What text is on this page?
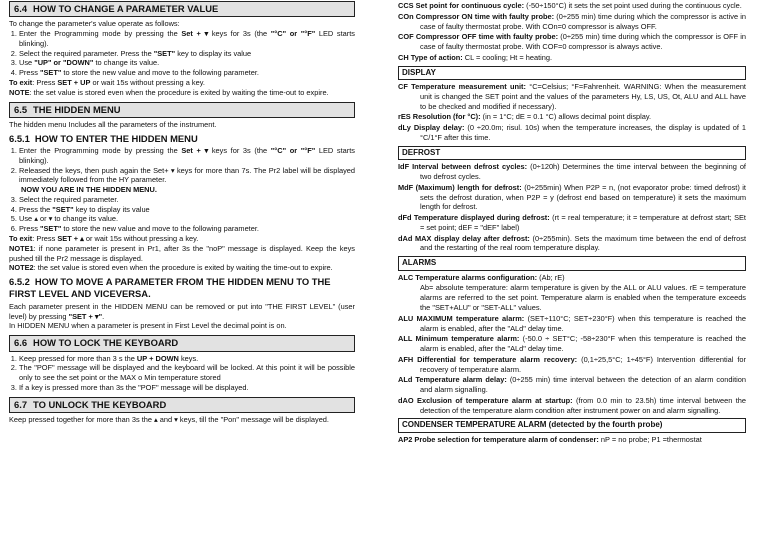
6.4 HOW TO CHANGE A PARAMETER VALUE

To change the parameter's value operate as follows:

1. Enter the Programming mode by pressing the Set + ▾ keys for 3s (the "°C" or "°F" LED starts blinking).
2. Select the required parameter. Press the "SET" key to display its value
3. Use "UP" or "DOWN" to change its value.
4. Press "SET" to store the new value and move to the following parameter.

To exit: Press SET + UP or wait 15s without pressing a key.

NOTE: the set value is stored even when the procedure is exited by waiting the time-out to expire.

6.5 THE HIDDEN MENU

The hidden menu Includes all the parameters of the instrument.

6.5.1 HOW TO ENTER THE HIDDEN MENU
1. Enter the Programming mode by pressing the Set + ▾ keys for 3s (the "°C" or "°F" LED starts blinking).
2. Released the keys, then push again the Set+ ▾ keys for more than 7s. The Pr2 label will be displayed immediately followed from the HY parameter.

NOW YOU ARE IN THE HIDDEN MENU.

3. Select the required parameter.
4. Press the "SET" key to display its value
5. Use ▴ or ▾ to change its value.
6. Press "SET" to store the new value and move to the following parameter.

To exit: Press SET + ▴ or wait 15s without pressing a key.

NOTE1: if none parameter is present in Pr1, after 3s the "noP" message is displayed. Keep the keys pushed till the Pr2 message is displayed.

NOTE2: the set value is stored even when the procedure is exited by waiting the time-out to expire.

6.5.2 HOW TO MOVE A PARAMETER FROM THE HIDDEN MENU TO THE FIRST LEVEL AND VICEVERSA.

Each parameter present in the HIDDEN MENU can be removed or put into "THE FIRST LEVEL" (user level) by pressing "SET + ▾".

In HIDDEN MENU when a parameter is present in First Level the decimal point is on.

6.6 HOW TO LOCK THE KEYBOARD
1. Keep pressed for more than 3 s the UP + DOWN keys.
2. The "POF" message will be displayed and the keyboard will be locked. At this point it will be possible only to see the set point or the MAX o Min temperature stored
3. If a key is pressed more than 3s the "POF" message will be displayed.
6.7 TO UNLOCK THE KEYBOARD

Keep pressed together for more than 3s the ▴ and ▾ keys, till the "Pon" message will be displayed.

CCS Set point for continuous cycle: (-50÷150°C) it sets the set point used during the continuous cycle.

COn Compressor ON time with faulty probe: (0÷255 min) time during which the compressor is active in case of faulty thermostat probe. With COn=0 compressor is always OFF.

COF Compressor OFF time with faulty probe: (0÷255 min) time during which the compressor is OFF in case of faulty thermostat probe. With COF=0 compressor is always active.

CH Type of action: CL = cooling; Ht = heating.

DISPLAY

CF Temperature measurement unit: °C=Celsius; °F=Fahrenheit. WARNING: When the measurement unit is changed the SET point and the values of the parameters Hy, LS, US, Ot, ALU and ALL have to be checked and modified if necessary).

rES Resolution (for °C): (in = 1°C; dE = 0.1 °C) allows decimal point display.

dLy Display delay: (0 ÷20.0m; risul. 10s) when the temperature increases, the display is updated of 1 °C/1°F after this time.

DEFROST

IdF Interval between defrost cycles: (0÷120h) Determines the time interval between the beginning of two defrost cycles.

MdF (Maximum) length for defrost: (0÷255min) When P2P = n, (not evaporator probe: timed defrost) it sets the defrost duration, when P2P = y (defrost end based on temperature) it sets the maximum length for defrost.

dFd Temperature displayed during defrost: (rt = real temperature; it = temperature at defrost start; SEt = set point; dEF = "dEF" label)

dAd MAX display delay after defrost: (0÷255min). Sets the maximum time between the end of defrost and the restarting of the real room temperature display.

ALARMS

ALC Temperature alarms configuration: (Ab; rE)

Ab= absolute temperature: alarm temperature is given by the ALL or ALU values. rE = temperature alarms are referred to the set point. Temperature alarm is enabled when the temperature exceeds the "SET+ALU" or "SET-ALL" values.

ALU MAXIMUM temperature alarm: (SET÷110°C; SET÷230°F) when this temperature is reached the alarm is enabled, after the "ALd" delay time.

ALL Minimum temperature alarm: (-50.0 ÷ SET°C; -58÷230°F when this temperature is reached the alarm is enabled, after the "ALd" delay time.

AFH Differential for temperature alarm recovery: (0,1÷25,5°C; 1÷45°F) Intervention differential for recovery of temperature alarm.

ALd Temperature alarm delay: (0÷255 min) time interval between the detection of an alarm condition and alarm signalling.

dAO Exclusion of temperature alarm at startup: (from 0.0 min to 23.5h) time interval between the detection of the temperature alarm condition after instrument power on and alarm signalling.

CONDENSER TEMPERATURE ALARM (detected by the fourth probe)

AP2 Probe selection for temperature alarm of condenser: nP = no probe; P1 =thermostat
